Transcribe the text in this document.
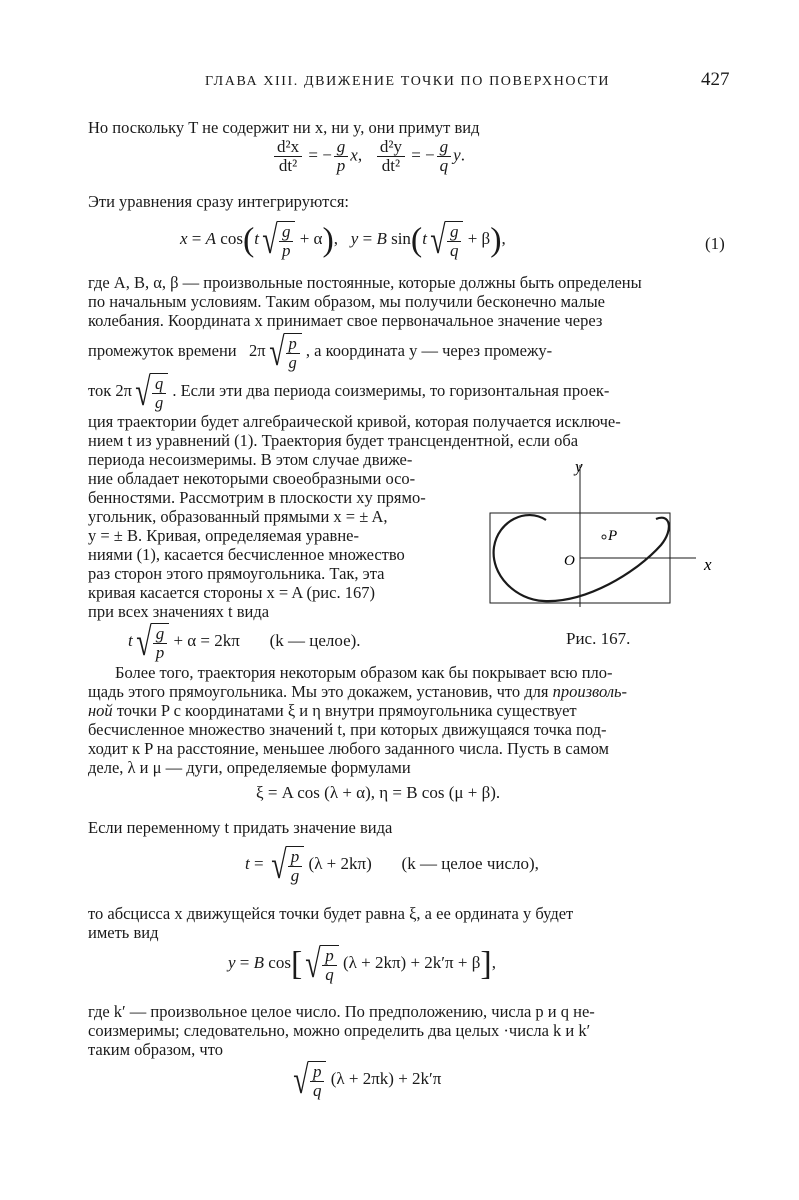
ГЛАВА XIII. ДВИЖЕНИЕ ТОЧКИ ПО ПОВЕРХНОСТИ	427
Но поскольку T не содержит ни x, ни y, они примут вид
$\frac{\text{d²x}}{\text{dt²}}$ = − $\frac{g}{p} x$, $\frac{\text{d²y}}{\text{dt²}}$ = − $\frac{g}{q} y$.
Эти уравнения сразу интегрируются:
x = A $\cos(t√ \frac{g}{p} + \alpha)$,   y = B $\sin(t√ \frac{g}{q} + \beta)$,	(1)
где A, B, α, β — произвольные постоянные, которые должны быть определены
по начальным условиям. Таким образом, мы получили бесконечно малые
колебания. Координата x принимает свое первоначальное значение через
промежуток времени   $2\pi√ \frac{p}{g}$ , а координата y — через промежу-
ток $2\pi√ \frac{q}{g}$ . Если эти два периода соизмеримы, то горизонтальная проек-
ция траектории будет алгебраической кривой, которая получается исключе-
нием t из уравнений (1). Траектория будет трансцендентной, если оба
периода несоизмеримы. В этом случае движе-
ние обладает некоторыми своеобразными осо-
бенностями. Рассмотрим в плоскости xy прямо-
угольник, образованный прямыми x = ± A,
y = ± B. Кривая, определяемая уравне-
ниями (1), касается бесчисленное множество
раз сторон этого прямоугольника. Так, эта
кривая касается стороны x = A (рис. 167)
при всех значениях t вида
$t√ \frac{g}{p} + \alpha = 2k\pi$ (k — целое).
y
x
O
P
Рис. 167.
Более того, траектория некоторым образом как бы покрывает всю пло-
щадь этого прямоугольника. Мы это докажем, установив, что для произволь-
ной точки P с координатами ξ и η внутри прямоугольника существует
бесчисленное множество значений t, при которых движущаяся точка под-
ходит к P на расстояние, меньшее любого заданного числа. Пусть в самом
деле, λ и μ — дуги, определяемые формулами
ξ = A cos (λ + α), η = B cos (μ + β).
Если переменному t придать значение вида
t = √ $\frac{p}{g} (\lambda + 2k\pi)$ (k — целое число),
то абсцисса x движущейся точки будет равна ξ, а ее ордината y будет
иметь вид
y = B $\cos[√ \frac{p}{q} (\lambda + 2k\pi) + 2k'\pi + \beta]$,
где k′ — произвольное целое число. По предположению, числа p и q не-
соизмеримы; следовательно, можно определить два целых ·числа k и k′
таким образом, что
√ $\frac{p}{q} (\lambda + 2\pi k) + 2k'\pi$
